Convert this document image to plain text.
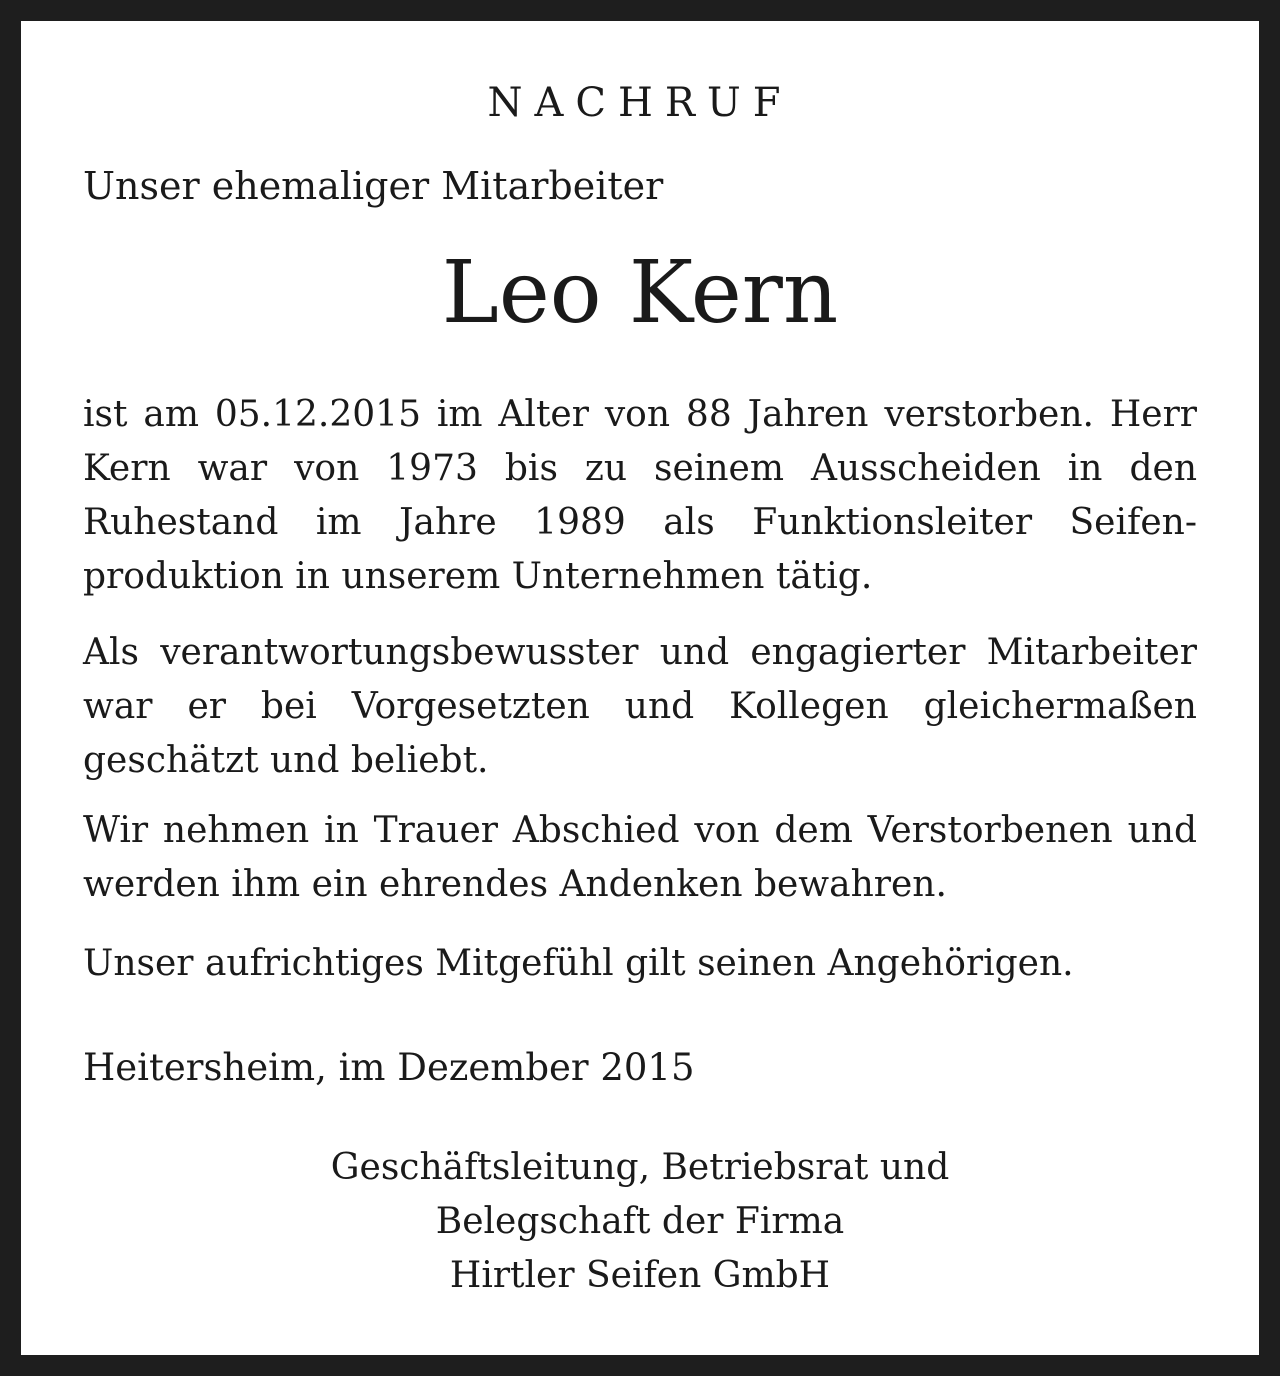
NACHRUF
Unser ehemaliger Mitarbeiter
Leo Kern

ist am 05.12.2015 im Alter von 88 Jahren verstorben. Herr Kern war von 1973 bis zu seinem Ausscheiden in den Ruhestand im Jahre 1989 als Funktionsleiter Seifenproduktion in unserem Unternehmen tätig.

Als verantwortungsbewusster und engagierter Mitarbeiter war er bei Vorgesetzten und Kollegen gleichermaßen geschätzt und beliebt.

Wir nehmen in Trauer Abschied von dem Verstorbenen und werden ihm ein ehrendes Andenken bewahren.

Unser aufrichtiges Mitgefühl gilt seinen Angehörigen.

Heitersheim, im Dezember 2015
Geschäftsleitung, Betriebsrat und
Belegschaft der Firma
Hirtler Seifen GmbH
